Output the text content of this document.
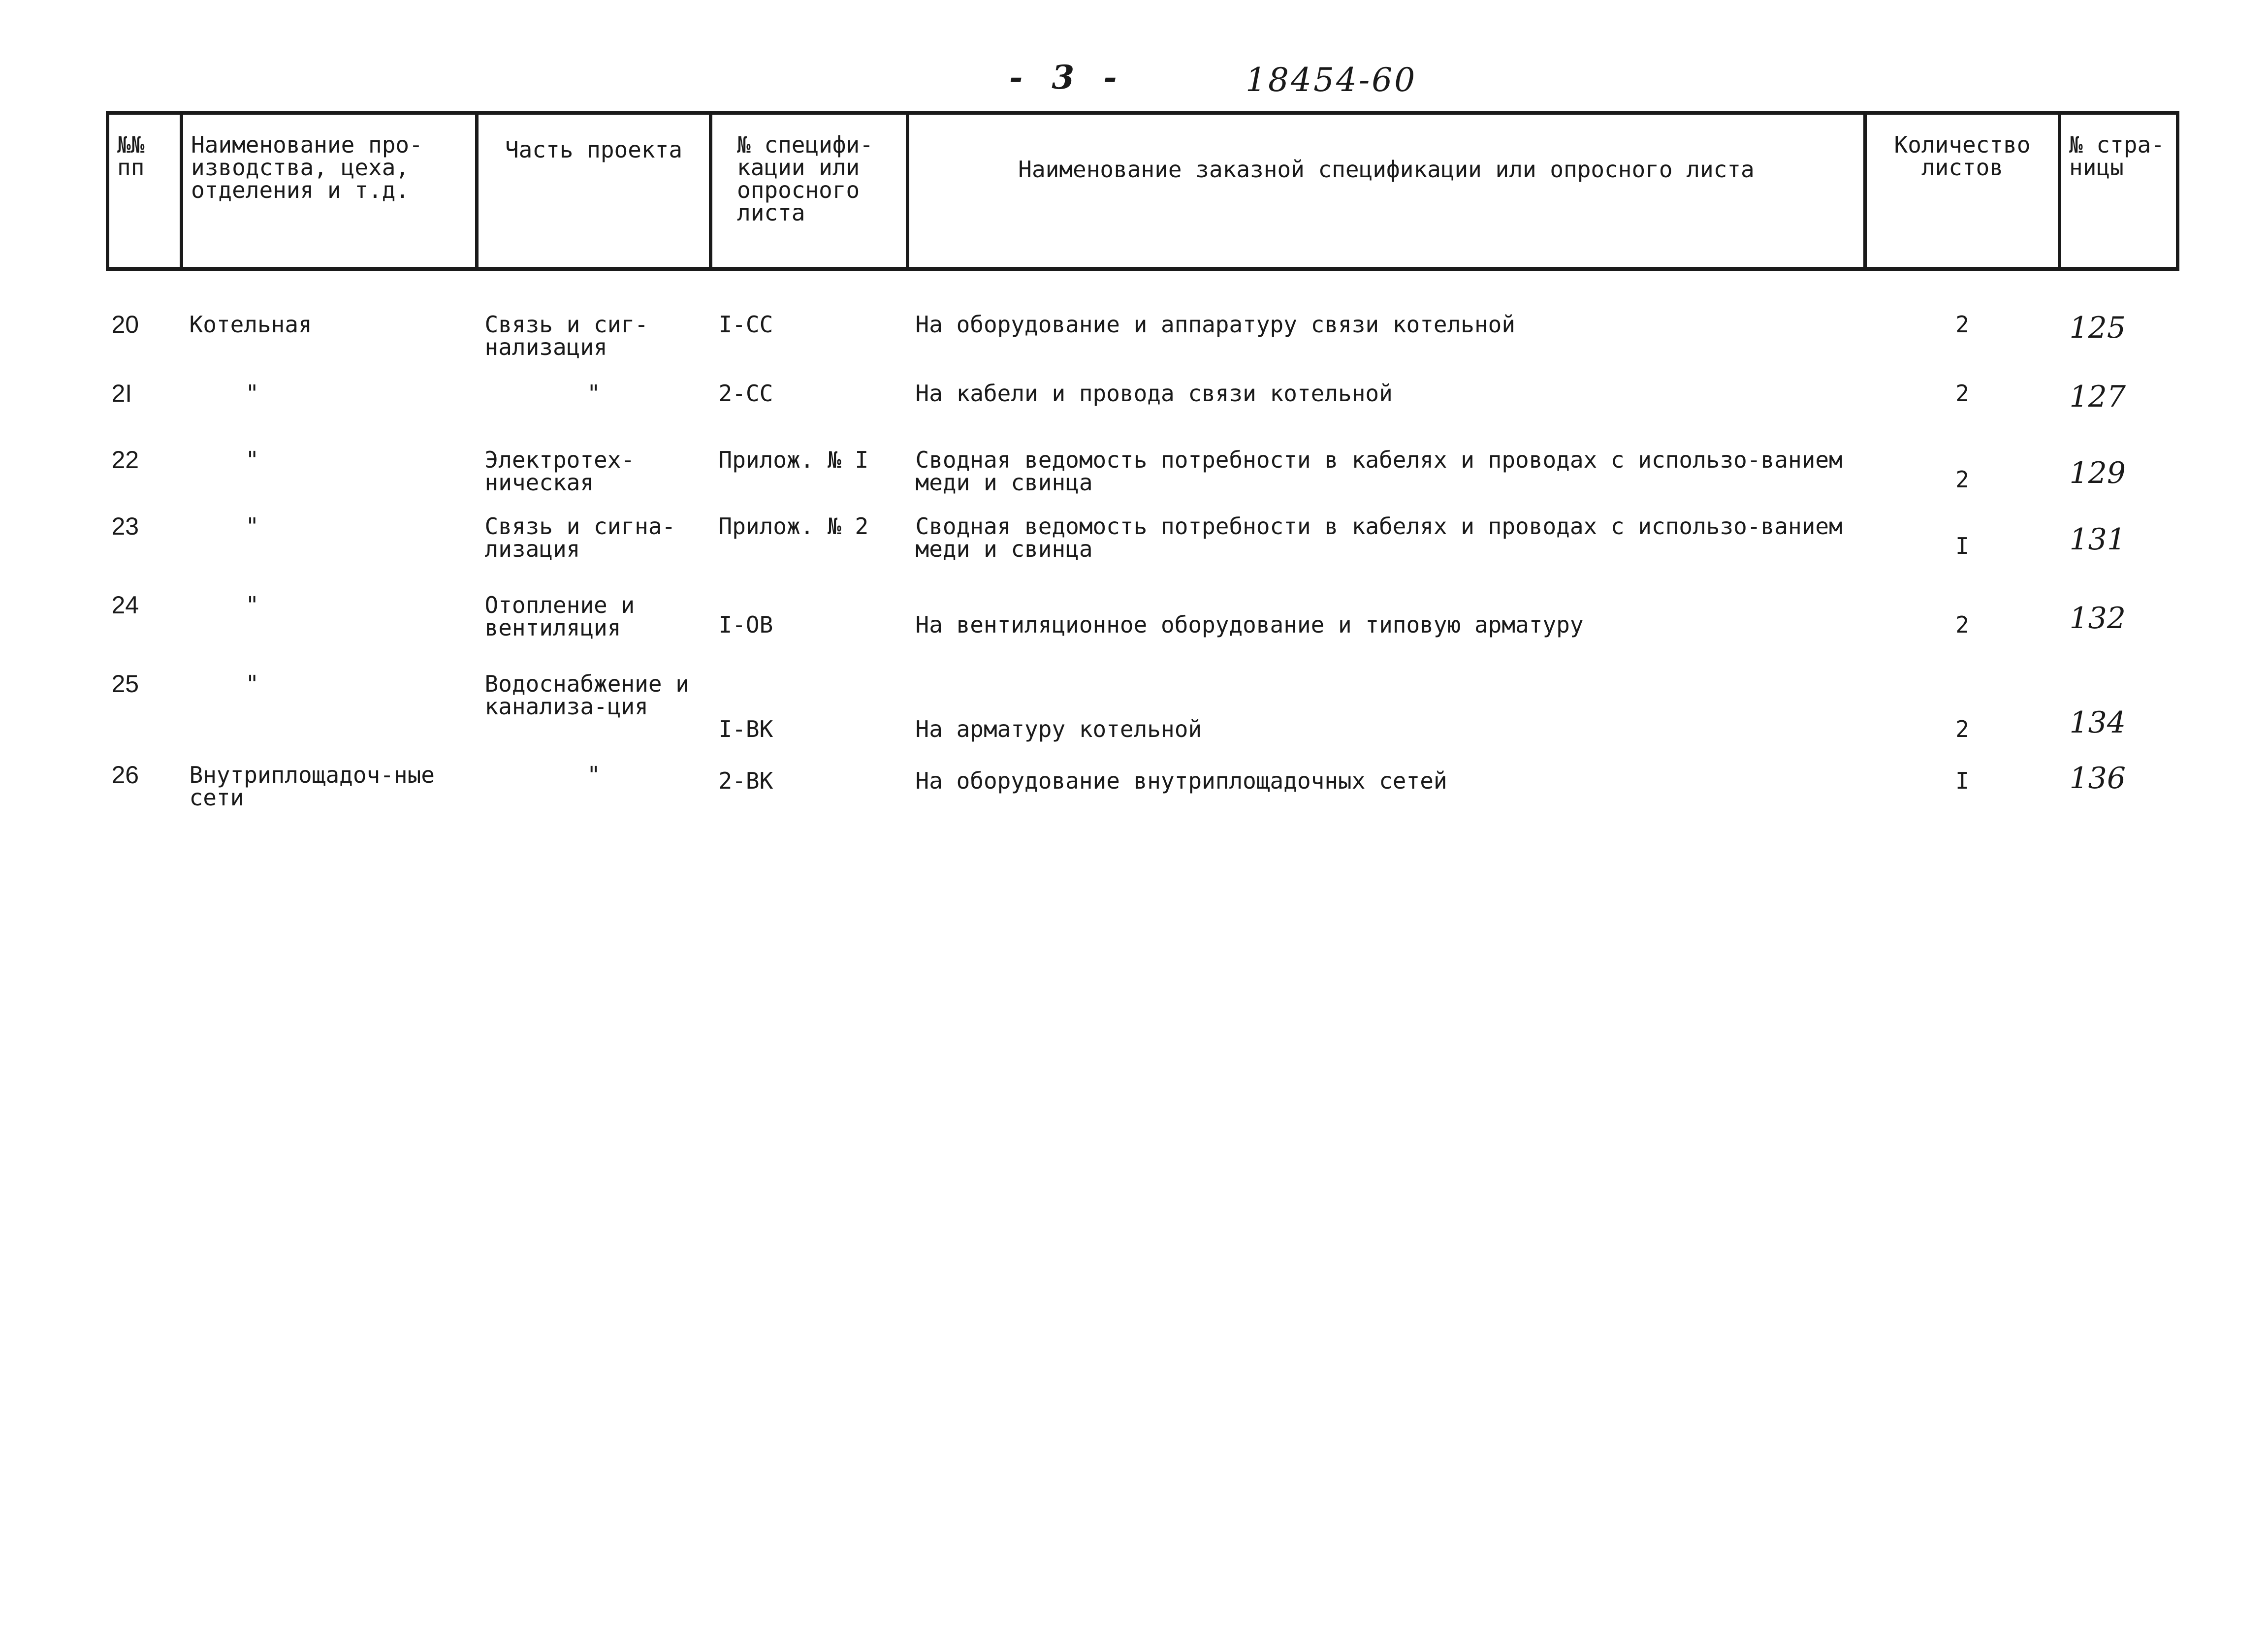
- 3 -	18454-60
№№ пп	Наименование про-изводства, цеха, отделения и т.д.	Часть проекта	№ специфи-кации или опросного листа	Наименование заказной спецификации или опросного листа	Количество листов	№ стра-ницы

20	Котельная	Связь и сиг-нализация	I-СС	На оборудование и аппаратуру связи котельной	2	125
2I	"	"	2-СС	На кабели и провода связи котельной	2	127
22	"	Электротех-ническая	Прилож. № I	Сводная ведомость потребности в кабелях и проводах с использо-ванием меди и свинца	2	129
23	"	Связь и сигна-лизация	Прилож. № 2	Сводная ведомость потребности в кабелях и проводах с использо-ванием меди и свинца	I	131
24	"	Отопление и вентиляция	I-ОВ	На вентиляционное оборудование и типовую арматуру	2	132
25	"	Водоснабжение и канализа-ция	I-ВК	На арматуру котельной	2	134
26	Внутриплощадоч-ные сети	"	2-ВК	На оборудование внутриплощадочных сетей	I	136
